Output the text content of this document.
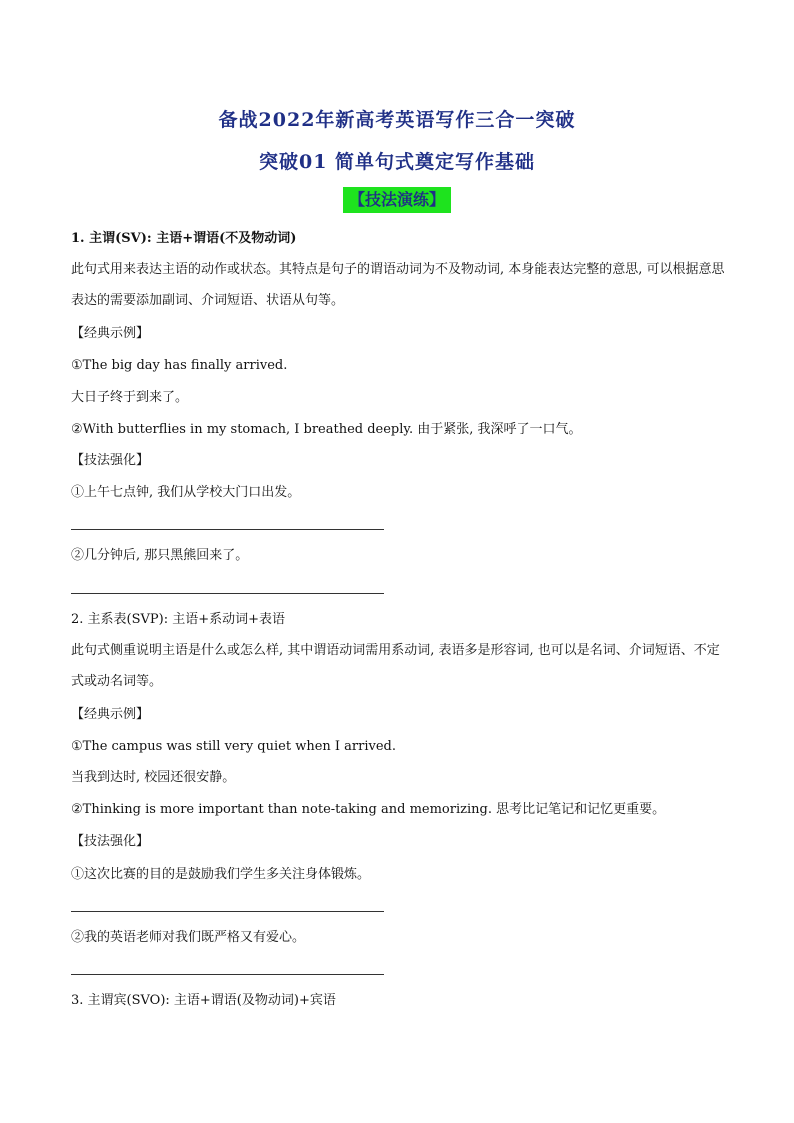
备战2022年新高考英语写作三合一突破
突破01 简单句式奠定写作基础
【技法演练】
1. 主谓(SV): 主语+谓语(不及物动词)
此句式用来表达主语的动作或状态。其特点是句子的谓语动词为不及物动词, 本身能表达完整的意思, 可以根据意思表达的需要添加副词、介词短语、状语从句等。
【经典示例】
①The big day has finally arrived.
大日子终于到来了。
②With butterflies in my stomach, I breathed deeply. 由于紧张, 我深呼了一口气。
【技法强化】
①上午七点钟, 我们从学校大门口出发。
②几分钟后, 那只黑熊回来了。
2. 主系表(SVP): 主语+系动词+表语
此句式侧重说明主语是什么或怎么样, 其中谓语动词需用系动词, 表语多是形容词, 也可以是名词、介词短语、不定式或动名词等。
【经典示例】
①The campus was still very quiet when I arrived.
当我到达时, 校园还很安静。
②Thinking is more important than note-taking and memorizing. 思考比记笔记和记忆更重要。
【技法强化】
①这次比赛的目的是鼓励我们学生多关注身体锻炼。
②我的英语老师对我们既严格又有爱心。
3. 主谓宾(SVO): 主语+谓语(及物动词)+宾语
